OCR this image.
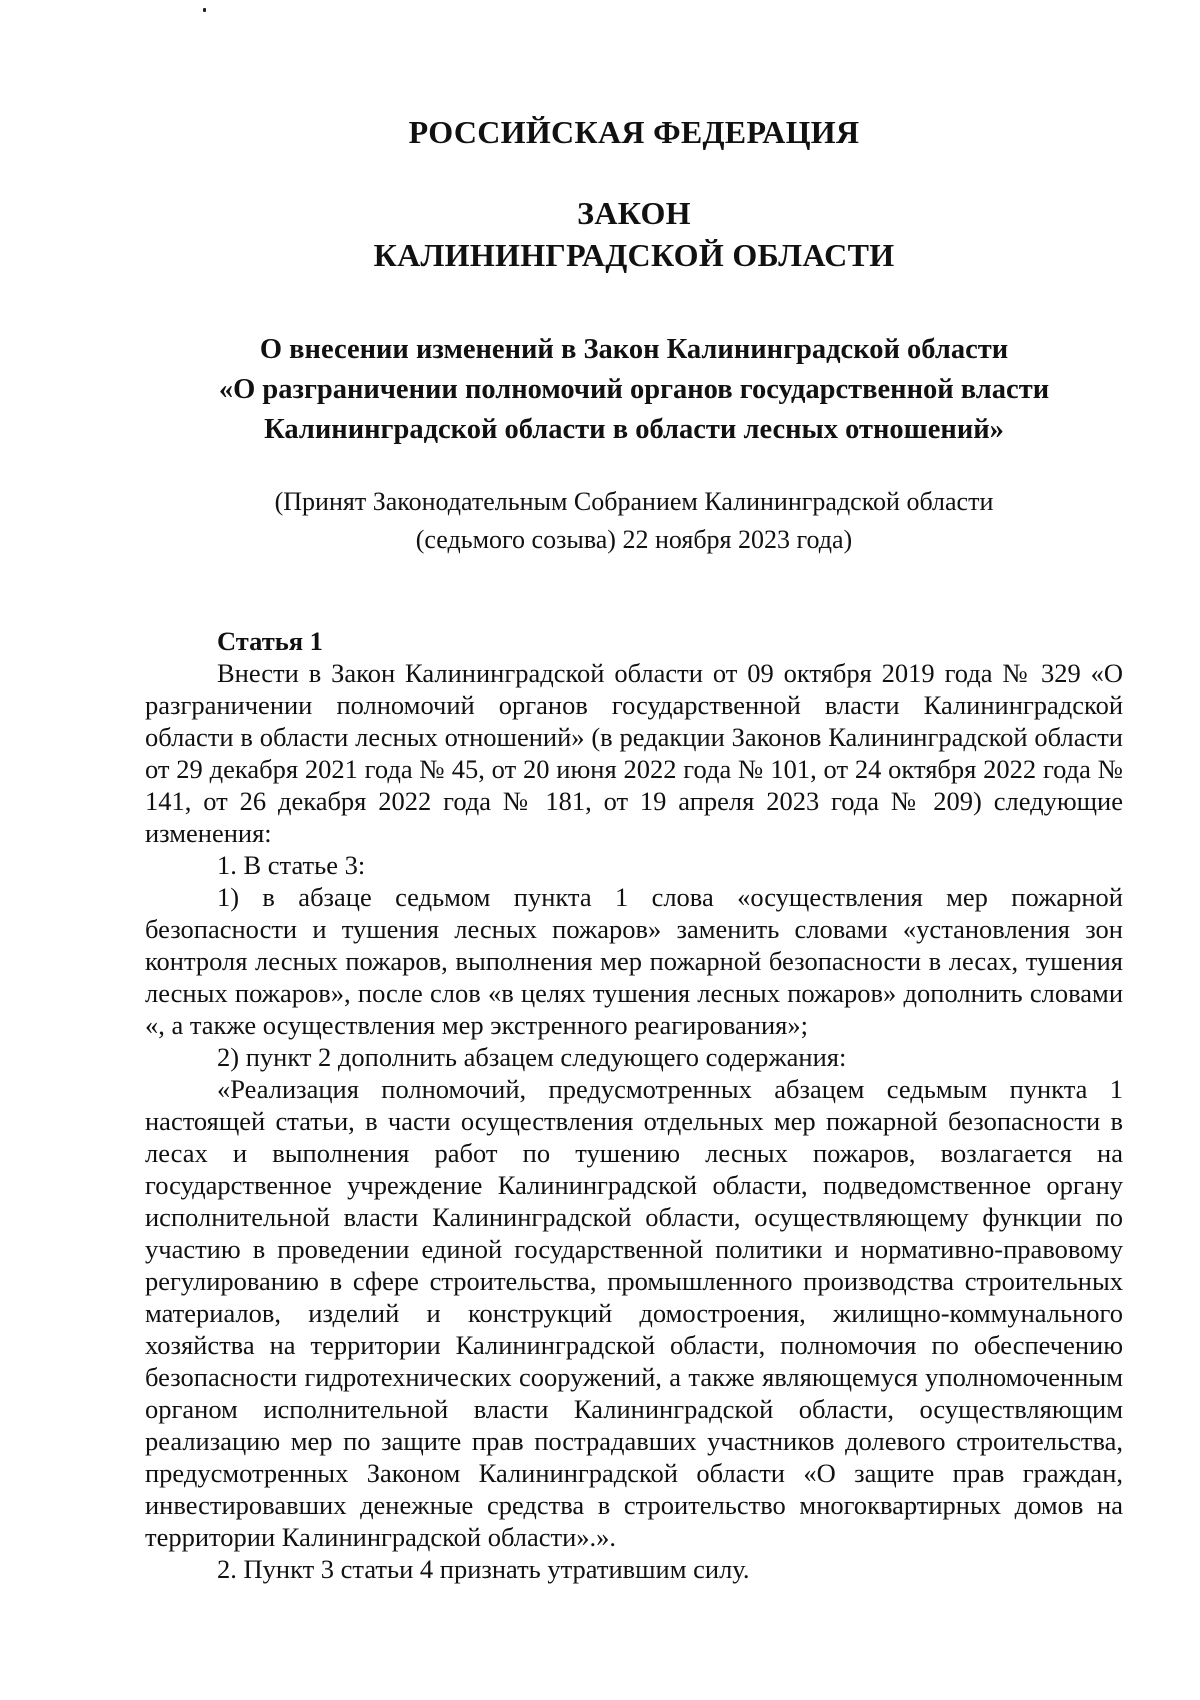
РОССИЙСКАЯ ФЕДЕРАЦИЯ

ЗАКОН
КАЛИНИНГРАДСКОЙ ОБЛАСТИ
О внесении изменений в Закон Калининградской области
«О разграничении полномочий органов государственной власти
Калининградской области в области лесных отношений»
(Принят Законодательным Собранием Калининградской области
(седьмого созыва) 22 ноября 2023 года)
Статья 1

Внести в Закон Калининградской области от 09 октября 2019 года № 329 «О разграничении полномочий органов государственной власти Калининградской области в области лесных отношений» (в редакции Законов Калининградской области от 29 декабря 2021 года № 45, от 20 июня 2022 года № 101, от 24 октября 2022 года № 141, от 26 декабря 2022 года № 181, от 19 апреля 2023 года № 209) следующие изменения:

1. В статье 3:

1) в абзаце седьмом пункта 1 слова «осуществления мер пожарной безопасности и тушения лесных пожаров» заменить словами «установления зон контроля лесных пожаров, выполнения мер пожарной безопасности в лесах, тушения лесных пожаров», после слов «в целях тушения лесных пожаров» дополнить словами «, а также осуществления мер экстренного реагирования»;

2) пункт 2 дополнить абзацем следующего содержания:

«Реализация полномочий, предусмотренных абзацем седьмым пункта 1 настоящей статьи, в части осуществления отдельных мер пожарной безопасности в лесах и выполнения работ по тушению лесных пожаров, возлагается на государственное учреждение Калининградской области, подведомственное органу исполнительной власти Калининградской области, осуществляющему функции по участию в проведении единой государственной политики и нормативно-правовому регулированию в сфере строительства, промышленного производства строительных материалов, изделий и конструкций домостроения, жилищно-коммунального хозяйства на территории Калининградской области, полномочия по обеспечению безопасности гидротехнических сооружений, а также являющемуся уполномоченным органом исполнительной власти Калининградской области, осуществляющим реализацию мер по защите прав пострадавших участников долевого строительства, предусмотренных Законом Калининградской области «О защите прав граждан, инвестировавших денежные средства в строительство многоквартирных домов на территории Калининградской области».».

2. Пункт 3 статьи 4 признать утратившим силу.
